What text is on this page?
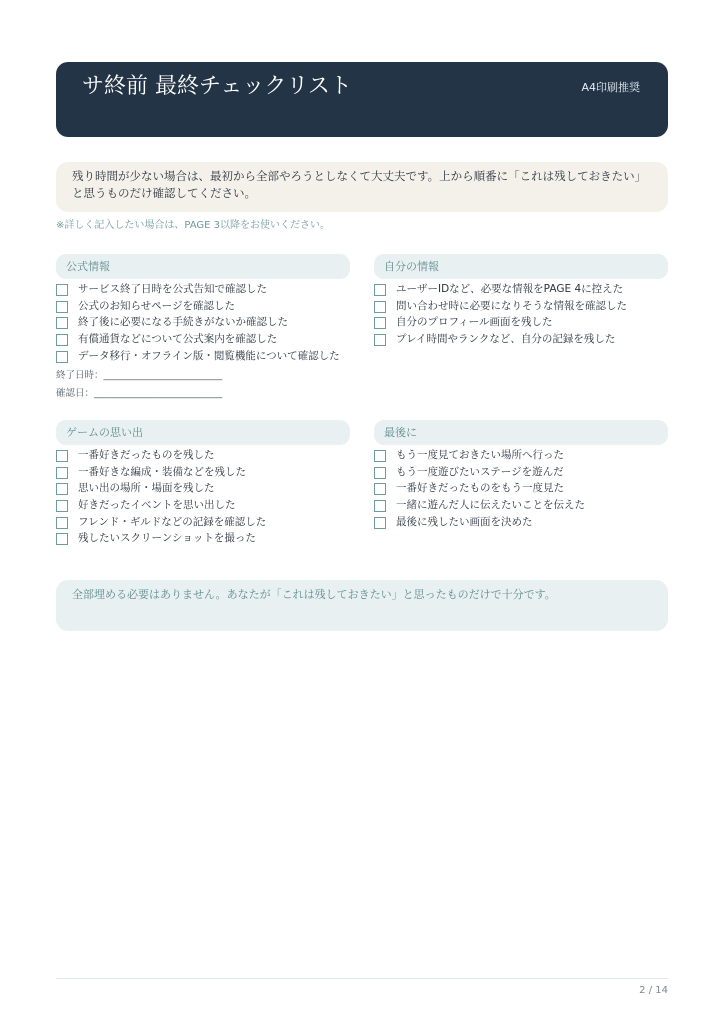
サ終前 最終チェックリスト	A4印刷推奨
残り時間が少ない場合は、最初から全部やろうとしなくて大丈夫です。上から順番に「これは残しておきたい」と思うものだけ確認してください。
※詳しく記入したい場合は、PAGE 3以降をお使いください。
公式情報
サービス終了日時を公式告知で確認した
公式のお知らせページを確認した
終了後に必要になる手続きがないか確認した
有償通貨などについて公式案内を確認した
データ移行・オフライン版・閲覧機能について確認した
終了日時：_________________________
確認日：___________________________
自分の情報
ユーザーIDなど、必要な情報をPAGE 4に控えた
問い合わせ時に必要になりそうな情報を確認した
自分のプロフィール画面を残した
プレイ時間やランクなど、自分の記録を残した
ゲームの思い出
一番好きだったものを残した
一番好きな編成・装備などを残した
思い出の場所・場面を残した
好きだったイベントを思い出した
フレンド・ギルドなどの記録を確認した
残したいスクリーンショットを撮った
最後に
もう一度見ておきたい場所へ行った
もう一度遊びたいステージを遊んだ
一番好きだったものをもう一度見た
一緒に遊んだ人に伝えたいことを伝えた
最後に残したい画面を決めた
全部埋める必要はありません。あなたが「これは残しておきたい」と思ったものだけで十分です。
2 / 14
